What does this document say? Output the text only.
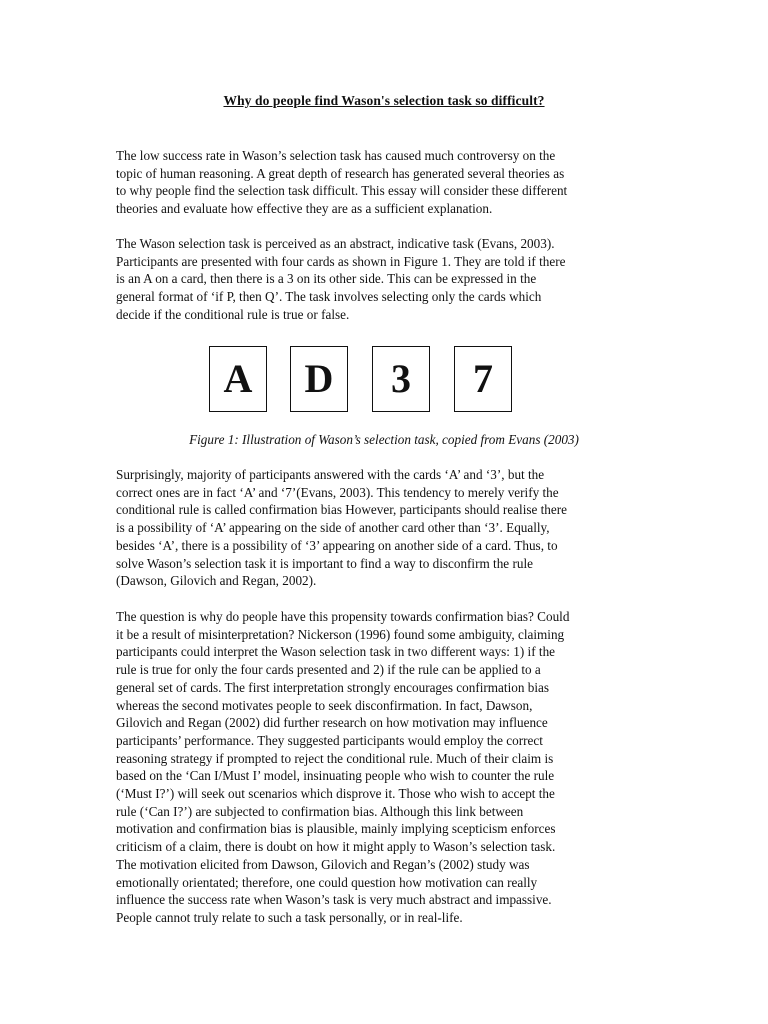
Why do people find Wason's selection task so difficult?
The low success rate in Wason’s selection task has caused much controversy on the
topic of human reasoning. A great depth of research has generated several theories as
to why people find the selection task difficult. This essay will consider these different
theories and evaluate how effective they are as a sufficient explanation.
The Wason selection task is perceived as an abstract, indicative task (Evans, 2003).
Participants are presented with four cards as shown in Figure 1. They are told if there
is an A on a card, then there is a 3 on its other side. This can be expressed in the
general format of ‘if P, then Q’. The task involves selecting only the cards which
decide if the conditional rule is true or false.
A	D	3	7
Figure 1: Illustration of Wason’s selection task, copied from Evans (2003)
Surprisingly, majority of participants answered with the cards ‘A’ and ‘3’, but the
correct ones are in fact ‘A’ and ‘7’(Evans, 2003). This tendency to merely verify the
conditional rule is called confirmation bias However, participants should realise there
is a possibility of ‘A’ appearing on the side of another card other than ‘3’. Equally,
besides ‘A’, there is a possibility of ‘3’ appearing on another side of a card. Thus, to
solve Wason’s selection task it is important to find a way to disconfirm the rule
(Dawson, Gilovich and Regan, 2002).
The question is why do people have this propensity towards confirmation bias? Could
it be a result of misinterpretation? Nickerson (1996) found some ambiguity, claiming
participants could interpret the Wason selection task in two different ways: 1) if the
rule is true for only the four cards presented and 2) if the rule can be applied to a
general set of cards. The first interpretation strongly encourages confirmation bias
whereas the second motivates people to seek disconfirmation. In fact, Dawson,
Gilovich and Regan (2002) did further research on how motivation may influence
participants’ performance. They suggested participants would employ the correct
reasoning strategy if prompted to reject the conditional rule. Much of their claim is
based on the ‘Can I/Must I’ model, insinuating people who wish to counter the rule
(‘Must I?’) will seek out scenarios which disprove it. Those who wish to accept the
rule (‘Can I?’) are subjected to confirmation bias. Although this link between
motivation and confirmation bias is plausible, mainly implying scepticism enforces
criticism of a claim, there is doubt on how it might apply to Wason’s selection task.
The motivation elicited from Dawson, Gilovich and Regan’s (2002) study was
emotionally orientated; therefore, one could question how motivation can really
influence the success rate when Wason’s task is very much abstract and impassive.
People cannot truly relate to such a task personally, or in real-life.
